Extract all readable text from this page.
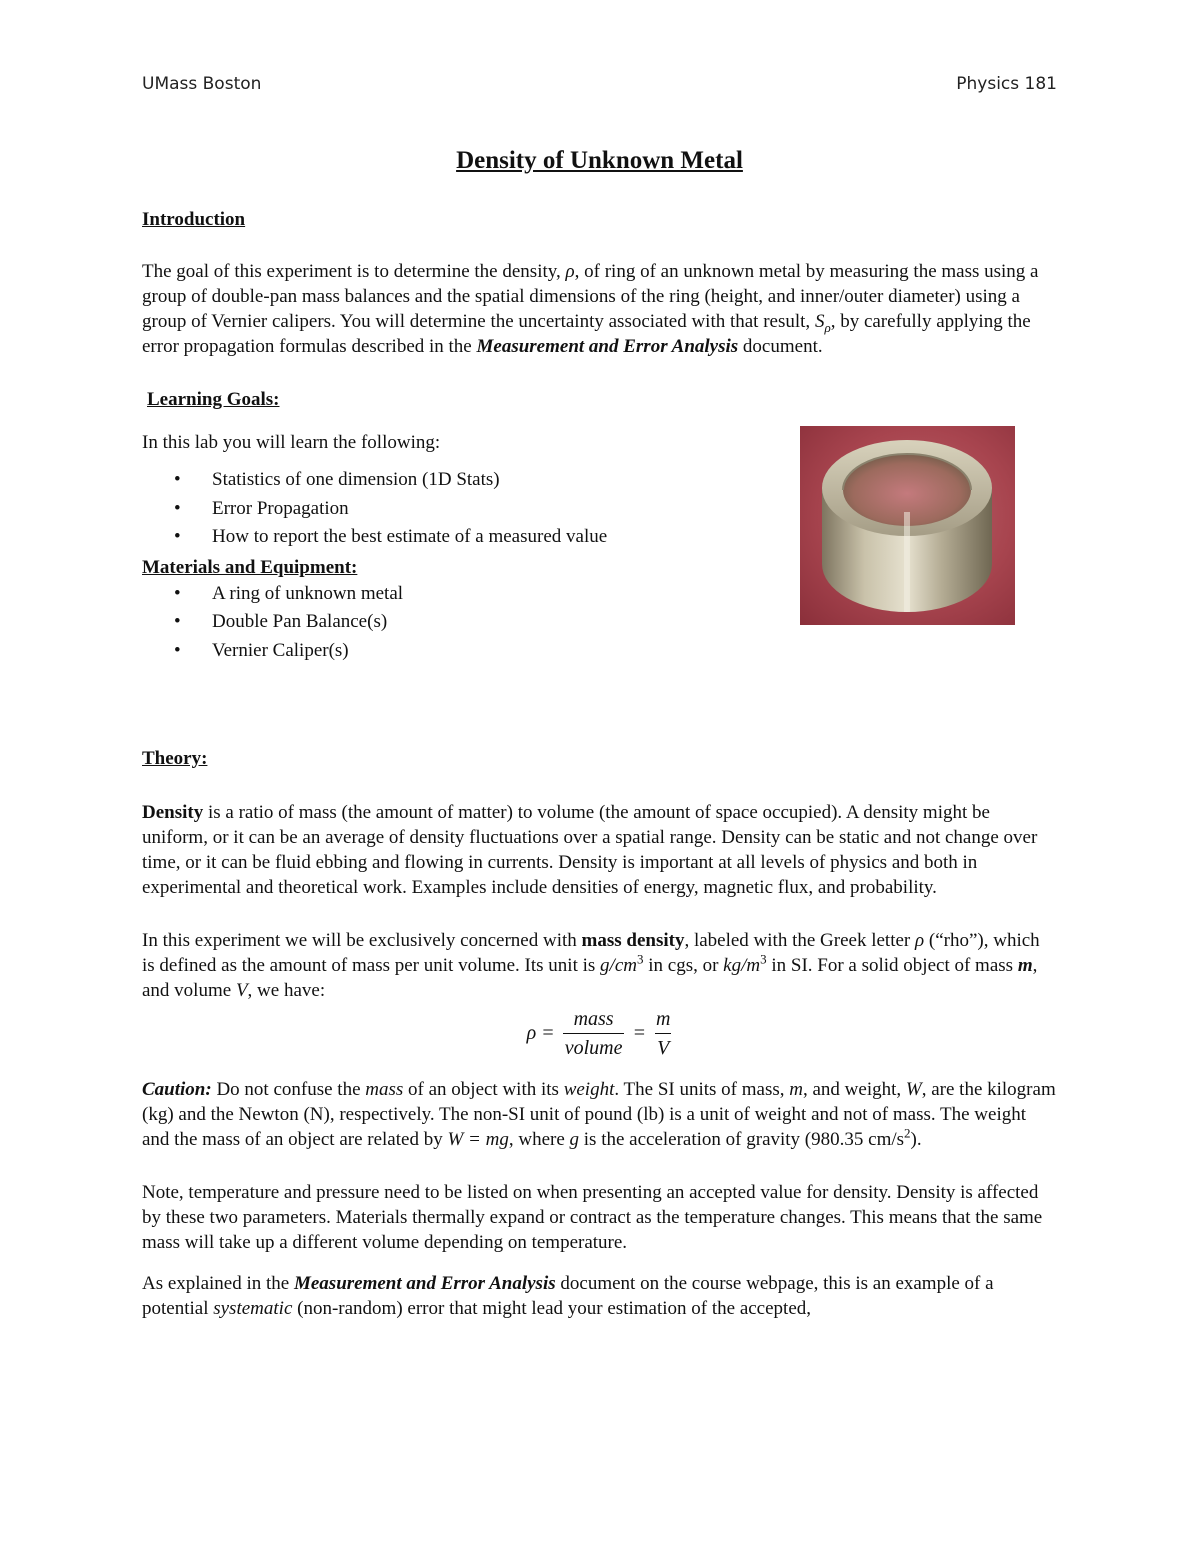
UMass Boston	Physics 181
Density of Unknown Metal

Introduction

The goal of this experiment is to determine the density, ρ, of ring of an unknown metal by measuring the mass using a group of double-pan mass balances and the spatial dimensions of the ring (height, and inner/outer diameter) using a group of Vernier calipers. You will determine the uncertainty associated with that result, $S_\rho$, by carefully applying the error propagation formulas described in the Measurement and Error Analysis document.

Learning Goals:

In this lab you will learn the following:

• Statistics of one dimension (1D Stats)
• Error Propagation
• How to report the best estimate of a measured value

Materials and Equipment:

• A ring of unknown metal
• Double Pan Balance(s)
• Vernier Caliper(s)

Theory:

Density is a ratio of mass (the amount of matter) to volume (the amount of space occupied). A density might be uniform, or it can be an average of density fluctuations over a spatial range. Density can be static and not change over time, or it can be fluid ebbing and flowing in currents. Density is important at all levels of physics and both in experimental and theoretical work. Examples include densities of energy, magnetic flux, and probability.

In this experiment we will be exclusively concerned with mass density, labeled with the Greek letter ρ (“rho”), which is defined as the amount of mass per unit volume. Its unit is $g/cm^3$ in cgs, or $kg/m^3$ in SI. For a solid object of mass m, and volume V, we have:

$\rho = \frac{\text{mass}}{\text{volume}} = \frac{m}{V}$

Caution: Do not confuse the mass of an object with its weight. The SI units of mass, m, and weight, W, are the kilogram (kg) and the Newton (N), respectively. The non-SI unit of pound (lb) is a unit of weight and not of mass. The weight and the mass of an object are related by W = mg, where g is the acceleration of gravity (980.35 $cm/s^2$).

Note, temperature and pressure need to be listed on when presenting an accepted value for density. Density is affected by these two parameters. Materials thermally expand or contract as the temperature changes. This means that the same mass will take up a different volume depending on temperature.

As explained in the Measurement and Error Analysis document on the course webpage, this is an example of a potential systematic (non-random) error that might lead your estimation of the accepted,
